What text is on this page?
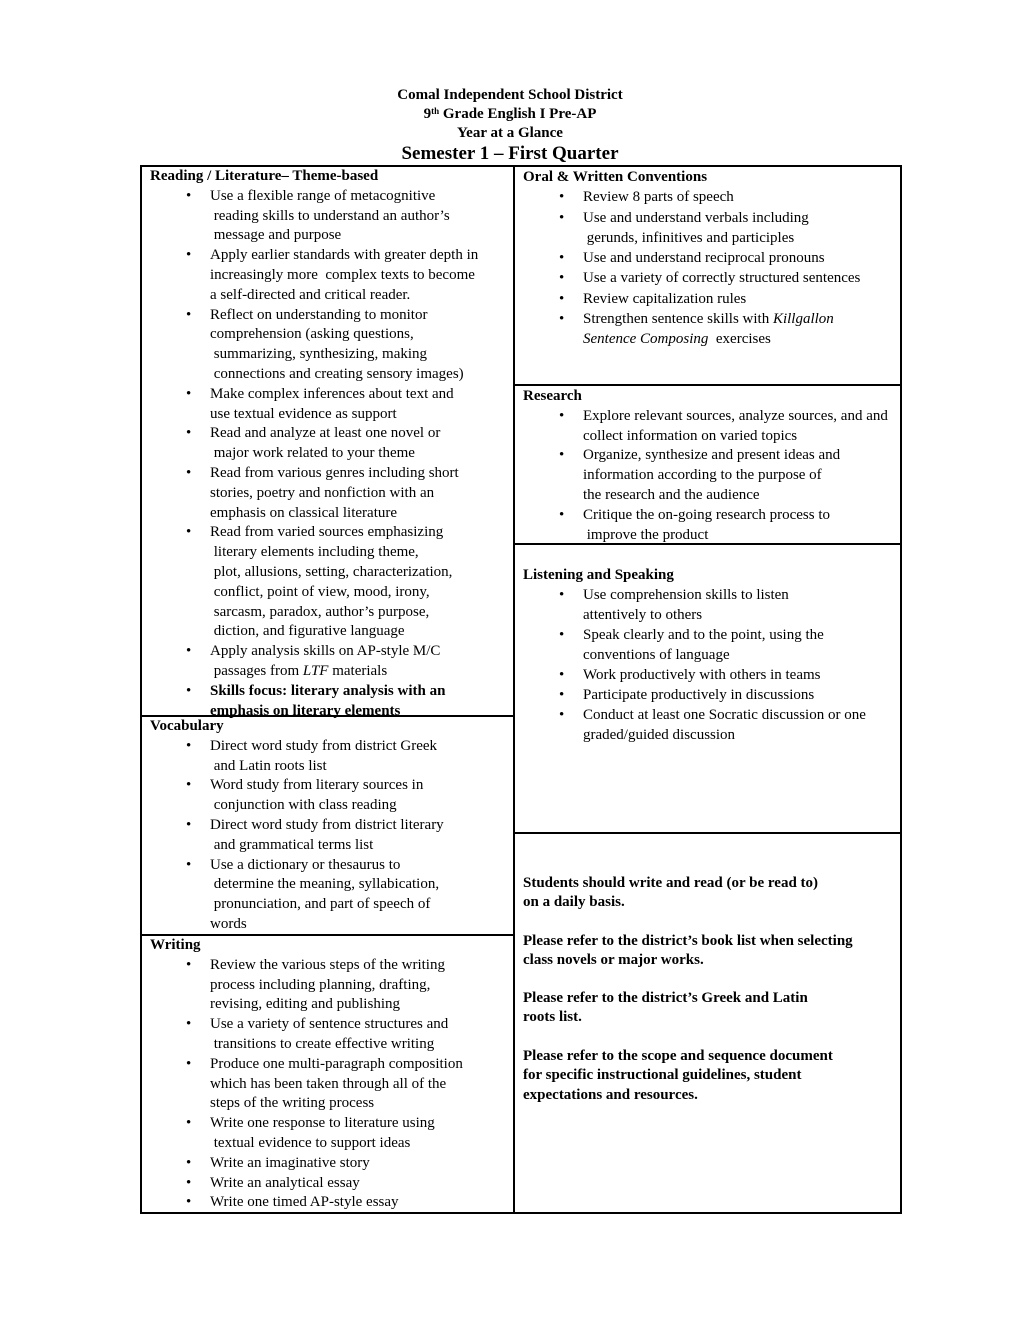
Comal Independent School District
9th Grade English I Pre-AP
Year at a Glance
Semester 1 – First Quarter
Reading / Literature– Theme-based
• Use a flexible range of metacognitive
reading skills to understand an author’s
message and purpose
• Apply earlier standards with greater depth in
increasingly more  complex texts to become
a self-directed and critical reader.
• Reflect on understanding to monitor
comprehension (asking questions,
summarizing, synthesizing, making
connections and creating sensory images)
• Make complex inferences about text and
use textual evidence as support
• Read and analyze at least one novel or
major work related to your theme
• Read from various genres including short
stories, poetry and nonfiction with an
emphasis on classical literature
• Read from varied sources emphasizing
literary elements including theme,
plot, allusions, setting, characterization,
conflict, point of view, mood, irony,
sarcasm, paradox, author’s purpose,
diction, and figurative language
• Apply analysis skills on AP-style M/C
passages from LTF materials
• Skills focus: literary analysis with an
emphasis on literary elements
Vocabulary
• Direct word study from district Greek
and Latin roots list
• Word study from literary sources in
conjunction with class reading
• Direct word study from district literary
and grammatical terms list
• Use a dictionary or thesaurus to
determine the meaning, syllabication,
pronunciation, and part of speech of
words
Writing
• Review the various steps of the writing
process including planning, drafting,
revising, editing and publishing
• Use a variety of sentence structures and
transitions to create effective writing
• Produce one multi-paragraph composition
which has been taken through all of the
steps of the writing process
• Write one response to literature using
textual evidence to support ideas
• Write an imaginative story
• Write an analytical essay
• Write one timed AP-style essay
Oral & Written Conventions
• Review 8 parts of speech
• Use and understand verbals including
gerunds, infinitives and participles
• Use and understand reciprocal pronouns
• Use a variety of correctly structured sentences
• Review capitalization rules
• Strengthen sentence skills with Killgallon
Sentence Composing  exercises
Research
• Explore relevant sources, analyze sources, and and
collect information on varied topics
• Organize, synthesize and present ideas and
information according to the purpose of
the research and the audience
• Critique the on-going research process to
improve the product
Listening and Speaking
• Use comprehension skills to listen
attentively to others
• Speak clearly and to the point, using the
conventions of language
• Work productively with others in teams
• Participate productively in discussions
• Conduct at least one Socratic discussion or one
graded/guided discussion
Students should write and read (or be read to)
on a daily basis.
Please refer to the district’s book list when selecting
class novels or major works.
Please refer to the district’s Greek and Latin
roots list.
Please refer to the scope and sequence document
for specific instructional guidelines, student
expectations and resources.
